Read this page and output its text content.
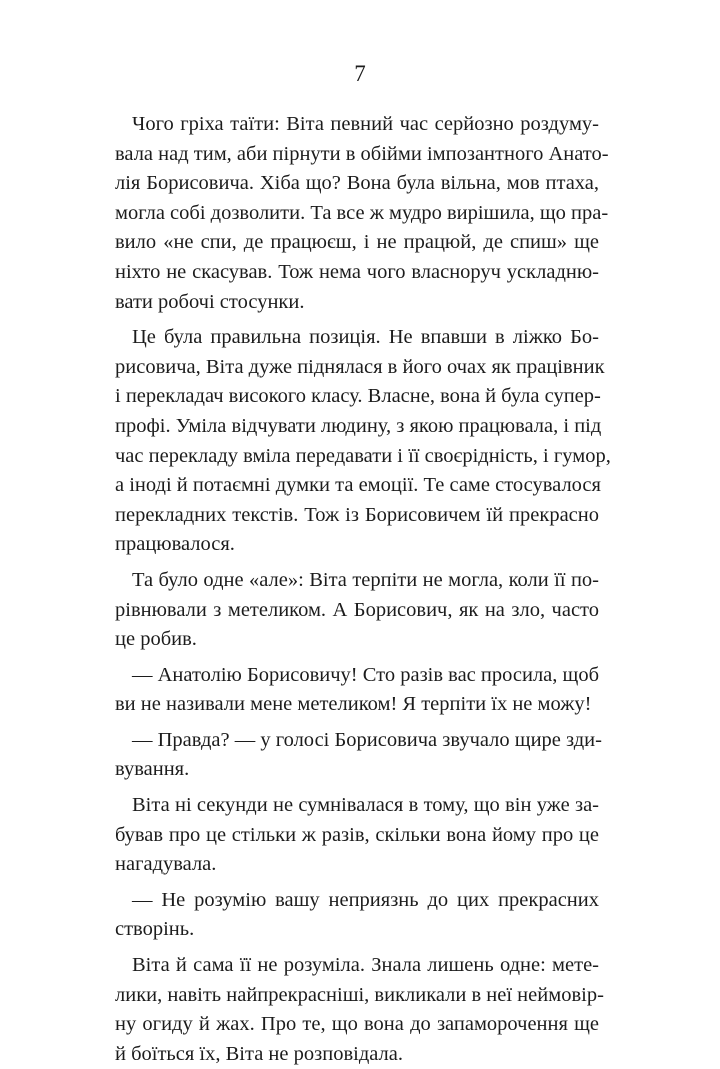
7

Чого гріха таїти: Віта певний час серйозно роздуму-
вала над тим, аби пірнути в обійми імпозантного Анато-
лія Борисовича. Хіба що? Вона була вільна, мов птаха,
могла собі дозволити. Та все ж мудро вирішила, що пра-
вило «не спи, де працюєш, і не працюй, де спиш» ще
ніхто не скасував. Тож нема чого власноруч ускладню-
вати робочі стосунки.

Це була правильна позиція. Не впавши в ліжко Бо-
рисовича, Віта дуже піднялася в його очах як працівник
і перекладач високого класу. Власне, вона й була супер-
профі. Уміла відчувати людину, з якою працювала, і під
час перекладу вміла передавати і її своєрідність, і гумор,
а іноді й потаємні думки та емоції. Те саме стосувалося
перекладних текстів. Тож із Борисовичем їй прекрасно
працювалося.

Та було одне «але»: Віта терпіти не могла, коли її по-
рівнювали з метеликом. А Борисович, як на зло, часто
це робив.

— Анатолію Борисовичу! Сто разів вас просила, щоб
ви не називали мене метеликом! Я терпіти їх не можу!

— Правда? — у голосі Борисовича звучало щире зди-
вування.

Віта ні секунди не сумнівалася в тому, що він уже за-
бував про це стільки ж разів, скільки вона йому про це
нагадувала.

— Не розумію вашу неприязнь до цих прекрасних
створінь.

Віта й сама її не розуміла. Знала лишень одне: мете-
лики, навіть найпрекрасніші, викликали в неї неймовір-
ну огиду й жах. Про те, що вона до запаморочення ще
й боїться їх, Віта не розповідала.
